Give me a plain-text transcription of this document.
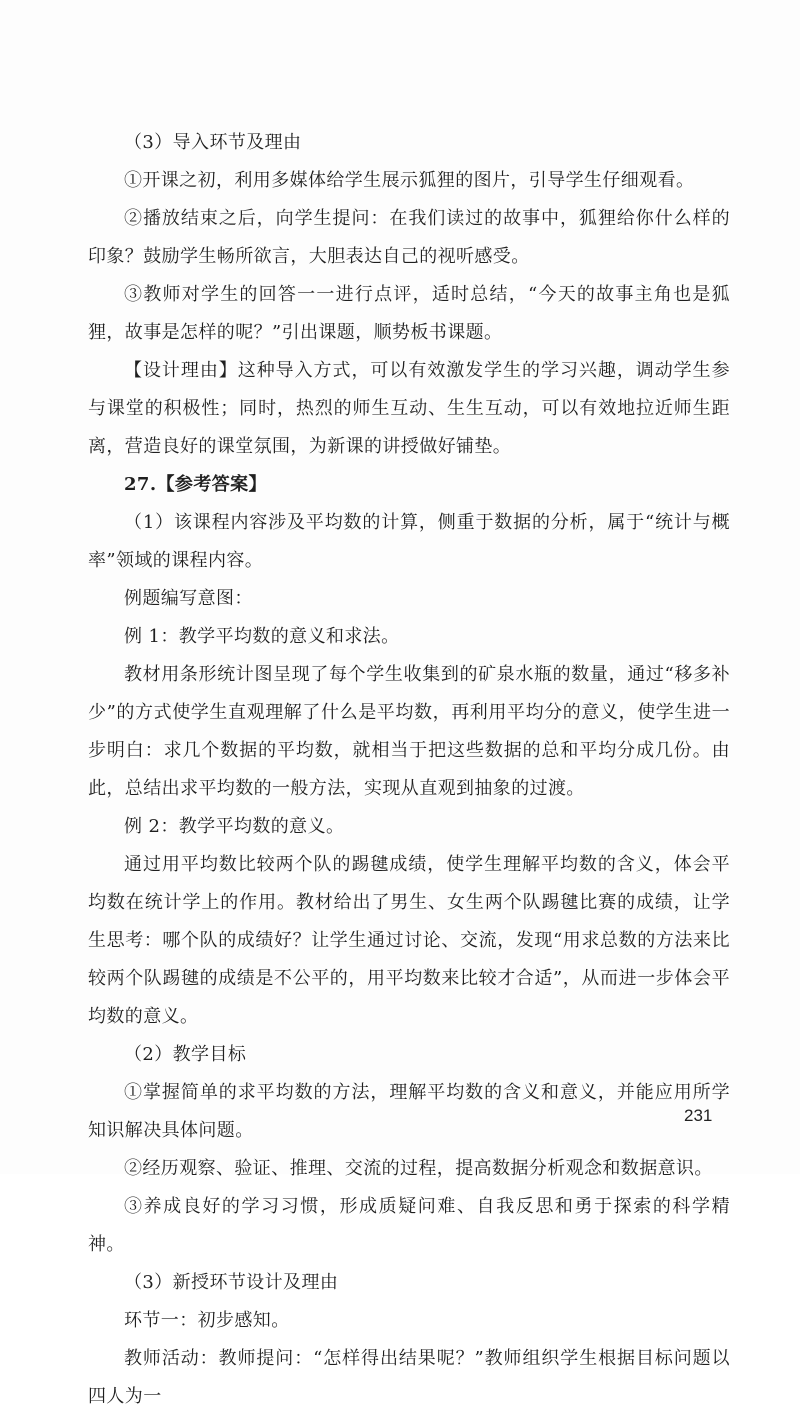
（3）导入环节及理由

①开课之初，利用多媒体给学生展示狐狸的图片，引导学生仔细观看。

②播放结束之后，向学生提问：在我们读过的故事中，狐狸给你什么样的印象？鼓励学生畅所欲言，大胆表达自己的视听感受。

③教师对学生的回答一一进行点评，适时总结，“今天的故事主角也是狐狸，故事是怎样的呢？”引出课题，顺势板书课题。

【设计理由】这种导入方式，可以有效激发学生的学习兴趣，调动学生参与课堂的积极性；同时，热烈的师生互动、生生互动，可以有效地拉近师生距离，营造良好的课堂氛围，为新课的讲授做好铺垫。

27.【参考答案】

（1）该课程内容涉及平均数的计算，侧重于数据的分析，属于“统计与概率”领域的课程内容。

例题编写意图：

例 1：教学平均数的意义和求法。

教材用条形统计图呈现了每个学生收集到的矿泉水瓶的数量，通过“移多补少”的方式使学生直观理解了什么是平均数，再利用平均分的意义，使学生进一步明白：求几个数据的平均数，就相当于把这些数据的总和平均分成几份。由此，总结出求平均数的一般方法，实现从直观到抽象的过渡。

例 2：教学平均数的意义。

通过用平均数比较两个队的踢毽成绩，使学生理解平均数的含义，体会平均数在统计学上的作用。教材给出了男生、女生两个队踢毽比赛的成绩，让学生思考：哪个队的成绩好？让学生通过讨论、交流，发现“用求总数的方法来比较两个队踢毽的成绩是不公平的，用平均数来比较才合适”，从而进一步体会平均数的意义。

（2）教学目标

①掌握简单的求平均数的方法，理解平均数的含义和意义，并能应用所学知识解决具体问题。

②经历观察、验证、推理、交流的过程，提高数据分析观念和数据意识。

③养成良好的学习习惯，形成质疑问难、自我反思和勇于探索的科学精神。

（3）新授环节设计及理由

环节一：初步感知。

教师活动：教师提问：“怎样得出结果呢？”教师组织学生根据目标问题以四人为一

231
